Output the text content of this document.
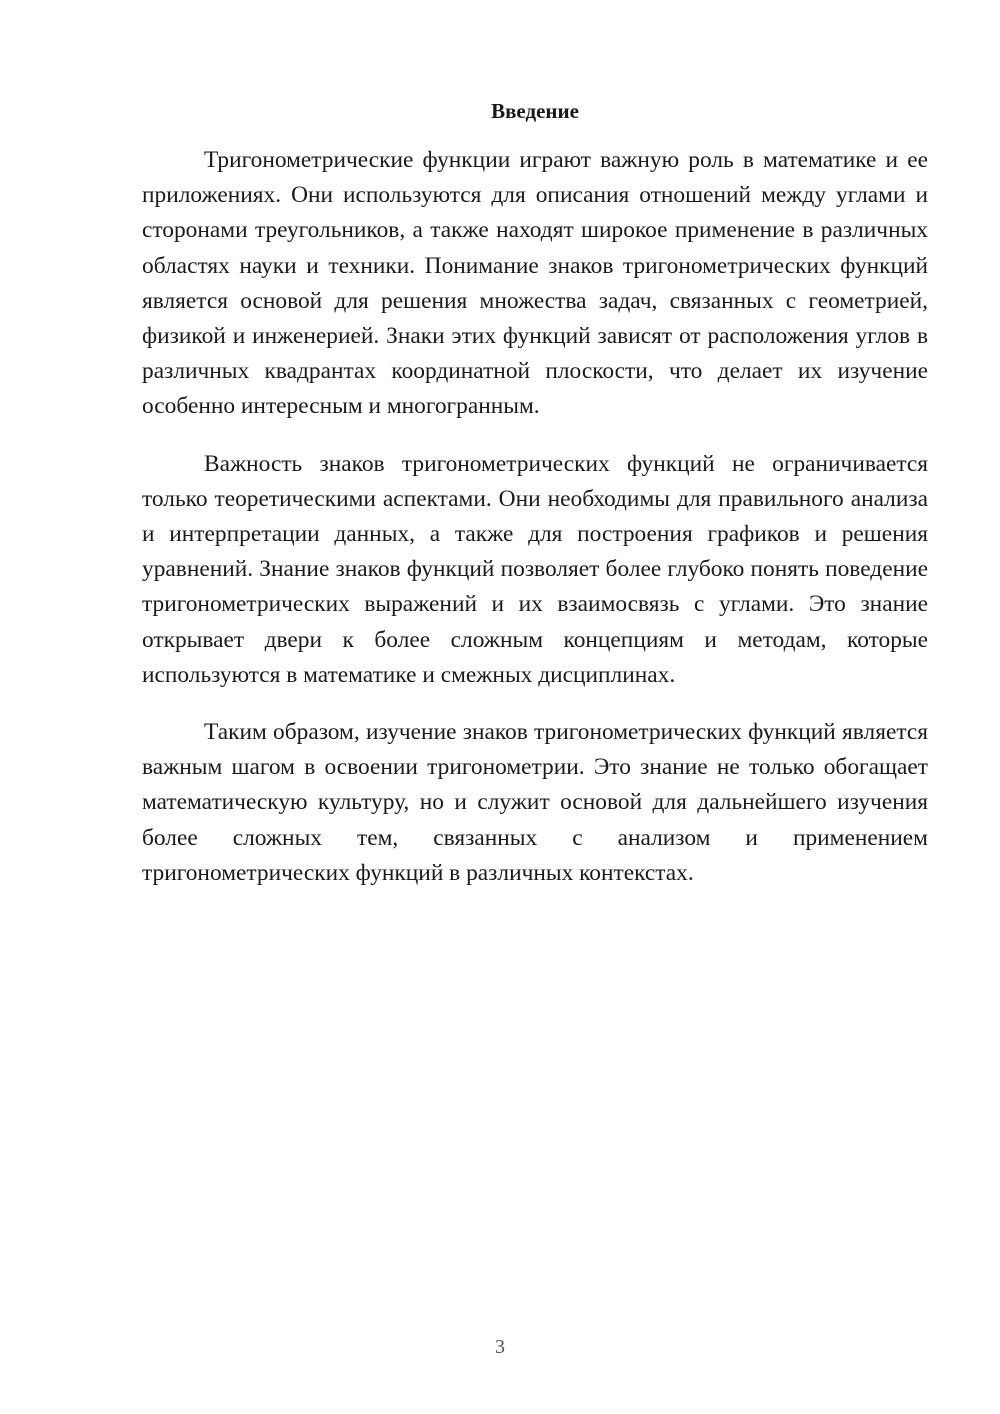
Введение

Тригонометрические функции играют важную роль в математике и ее приложениях. Они используются для описания отношений между углами и сторонами треугольников, а также находят широкое применение в различных областях науки и техники. Понимание знаков тригонометрических функций является основой для решения множества задач, связанных с геометрией, физикой и инженерией. Знаки этих функций зависят от расположения углов в различных квадрантах координатной плоскости, что делает их изучение особенно интересным и многогранным.

Важность знаков тригонометрических функций не ограничивается только теоретическими аспектами. Они необходимы для правильного анализа и интерпретации данных, а также для построения графиков и решения уравнений. Знание знаков функций позволяет более глубоко понять поведение тригонометрических выражений и их взаимосвязь с углами. Это знание открывает двери к более сложным концепциям и методам, которые используются в математике и смежных дисциплинах.

Таким образом, изучение знаков тригонометрических функций является важным шагом в освоении тригонометрии. Это знание не только обогащает математическую культуру, но и служит основой для дальнейшего изучения более сложных тем, связанных с анализом и применением тригонометрических функций в различных контекстах.

3
